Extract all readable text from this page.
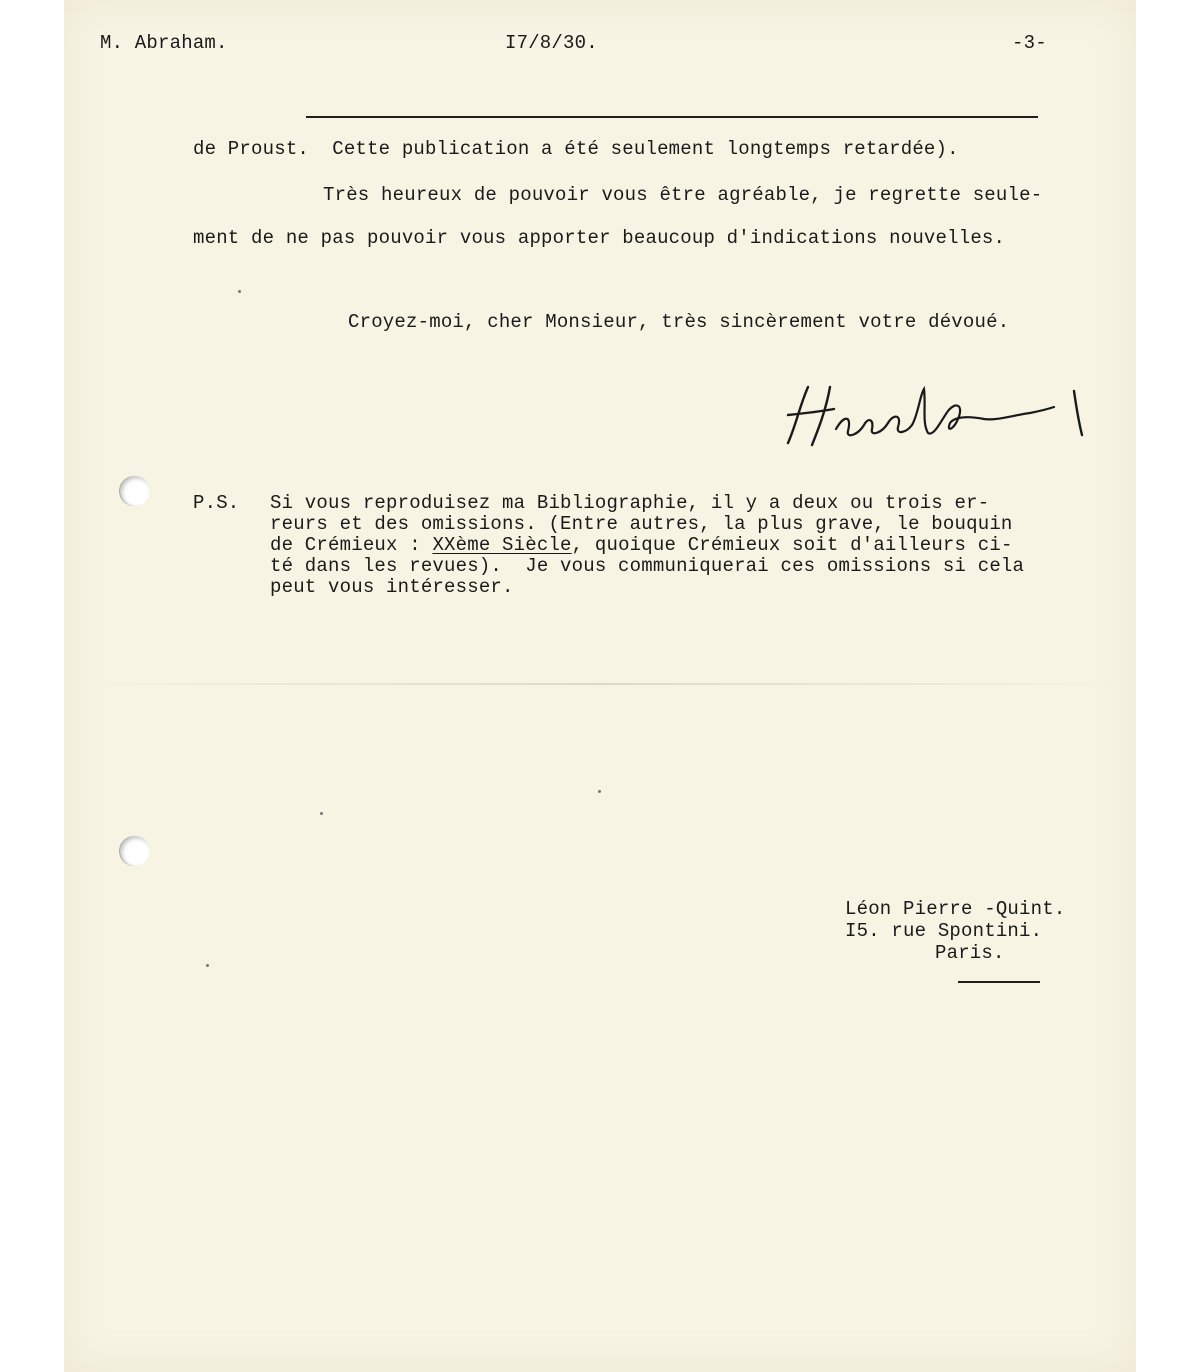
M. Abraham.	I7/8/30.	-3-

de Proust.  Cette publication a été seulement longtemps retardée).

Très heureux de pouvoir vous être agréable, je regrette seule-

ment de ne pas pouvoir vous apporter beaucoup d'indications nouvelles.

Croyez-moi, cher Monsieur, très sincèrement votre dévoué.

P.S. Si vous reproduisez ma Bibliographie, il y a deux ou trois er-

reurs et des omissions. (Entre autres, la plus grave, le bouquin

de Crémieux : XXème Siècle, quoique Crémieux soit d'ailleurs ci-

té dans les revues).  Je vous communiquerai ces omissions si cela

peut vous intéresser.

Léon Pierre -Quint.

I5. rue Spontini.

Paris.
